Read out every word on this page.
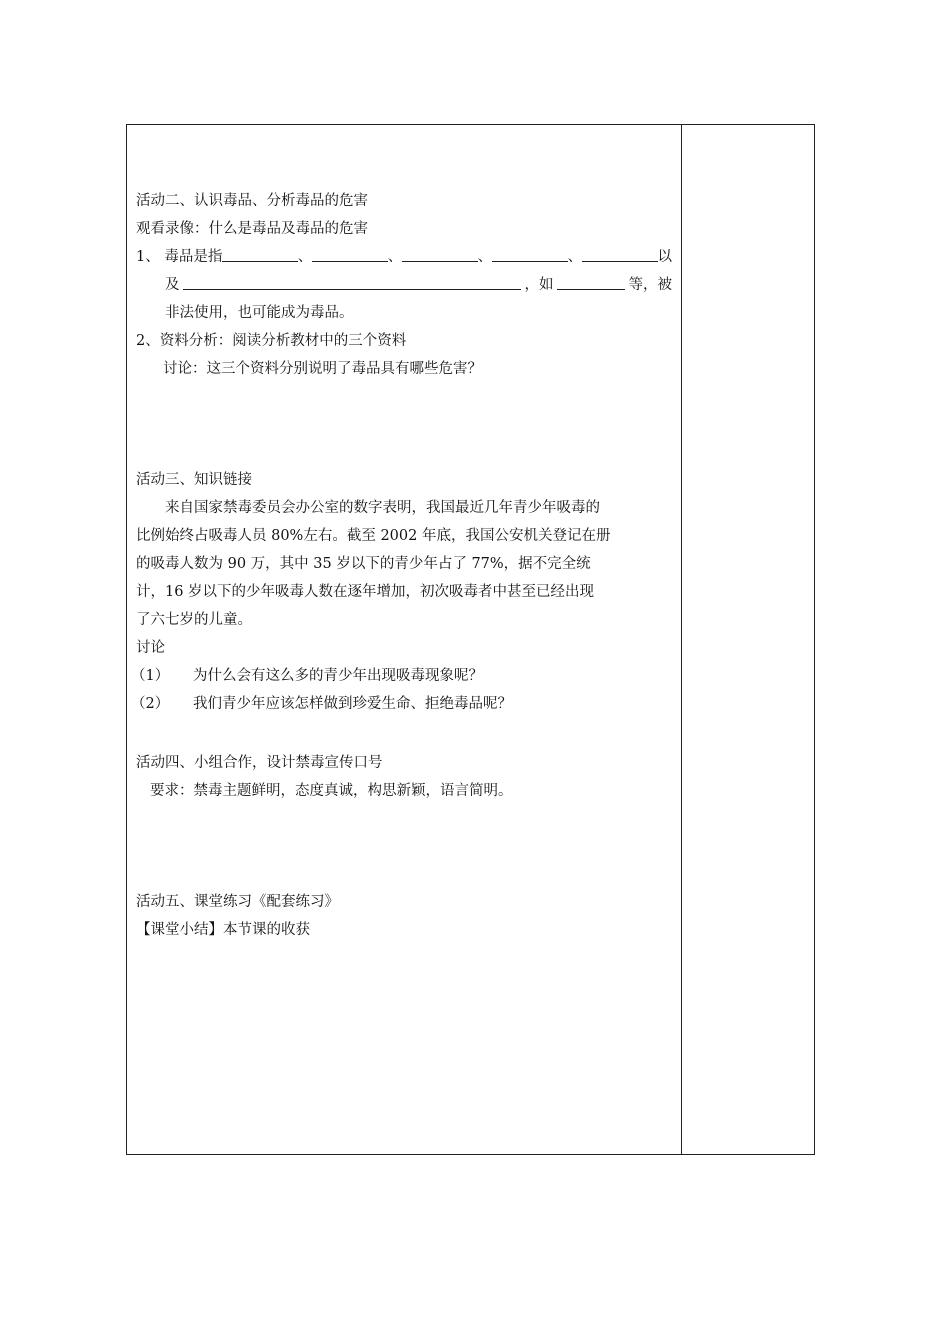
活动二、认识毒品、分析毒品的危害
观看录像：什么是毒品及毒品的危害
1、 毒品是指	、	、	、	、	以
及	，如	等，被
非法使用，也可能成为毒品。
2、资料分析：阅读分析教材中的三个资料
讨论：这三个资料分别说明了毒品具有哪些危害？
活动三、知识链接
来自国家禁毒委员会办公室的数字表明，我国最近几年青少年吸毒的
比例始终占吸毒人员 80%左右。截至 2002 年底，我国公安机关登记在册
的吸毒人数为 90 万，其中 35 岁以下的青少年占了 77%，据不完全统
计，16 岁以下的少年吸毒人数在逐年增加，初次吸毒者中甚至已经出现
了六七岁的儿童。
讨论
（1） 为什么会有这么多的青少年出现吸毒现象呢？
（2） 我们青少年应该怎样做到珍爱生命、拒绝毒品呢？
活动四、小组合作，设计禁毒宣传口号
要求：禁毒主题鲜明，态度真诚，构思新颖，语言简明。
活动五、课堂练习《配套练习》
【课堂小结】本节课的收获
